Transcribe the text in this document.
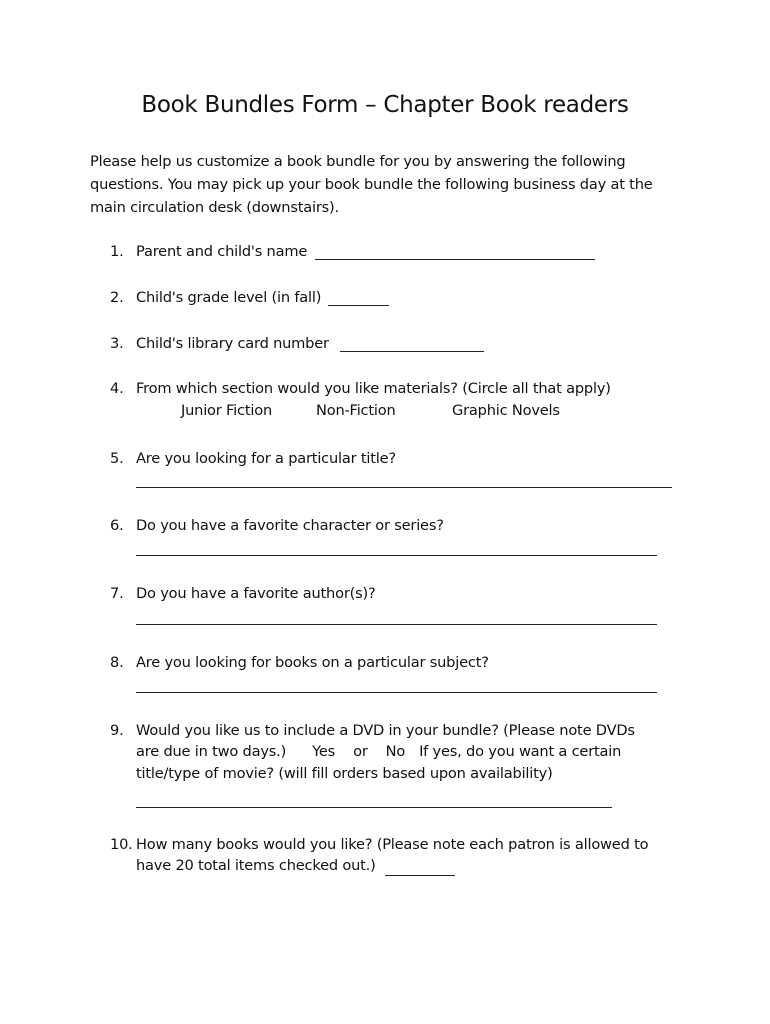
Book Bundles Form – Chapter Book readers
Please help us customize a book bundle for you by answering the following questions. You may pick up your book bundle the following business day at the main circulation desk (downstairs).
1. Parent and child's name
2. Child's grade level (in fall)
3. Child's library card number
4. From which section would you like materials? (Circle all that apply)
Junior Fiction	Non-Fiction	Graphic Novels
5. Are you looking for a particular title?
6. Do you have a favorite character or series?
7. Do you have a favorite author(s)?
8. Are you looking for books on a particular subject?
9. Would you like us to include a DVD in your bundle? (Please note DVDs
are due in two days.) Yes or No If yes, do you want a certain
title/type of movie? (will fill orders based upon availability)
10. How many books would you like? (Please note each patron is allowed to
have 20 total items checked out.)
